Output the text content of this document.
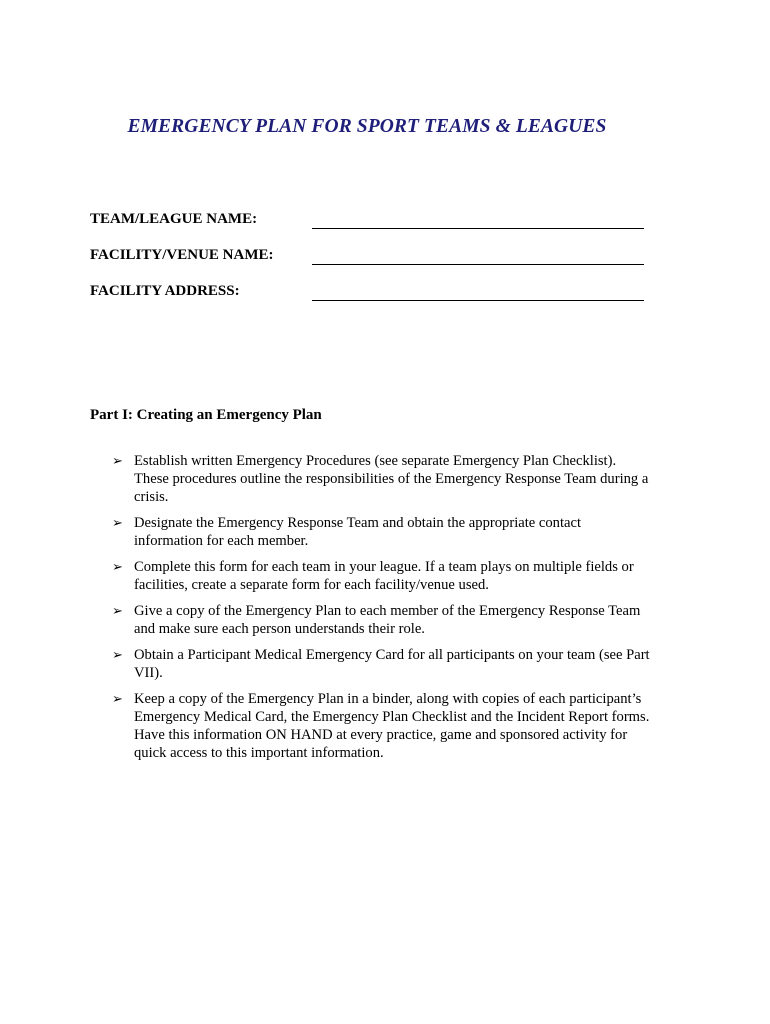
EMERGENCY PLAN FOR SPORT TEAMS & LEAGUES
TEAM/LEAGUE NAME:
FACILITY/VENUE NAME:
FACILITY ADDRESS:
Part I: Creating an Emergency Plan
➢ Establish written Emergency Procedures (see separate Emergency Plan Checklist). These procedures outline the responsibilities of the Emergency Response Team during a crisis.
➢ Designate the Emergency Response Team and obtain the appropriate contact information for each member.
➢ Complete this form for each team in your league. If a team plays on multiple fields or facilities, create a separate form for each facility/venue used.
➢ Give a copy of the Emergency Plan to each member of the Emergency Response Team and make sure each person understands their role.
➢ Obtain a Participant Medical Emergency Card for all participants on your team (see Part VII).
➢ Keep a copy of the Emergency Plan in a binder, along with copies of each participant’s Emergency Medical Card, the Emergency Plan Checklist and the Incident Report forms. Have this information ON HAND at every practice, game and sponsored activity for quick access to this important information.
